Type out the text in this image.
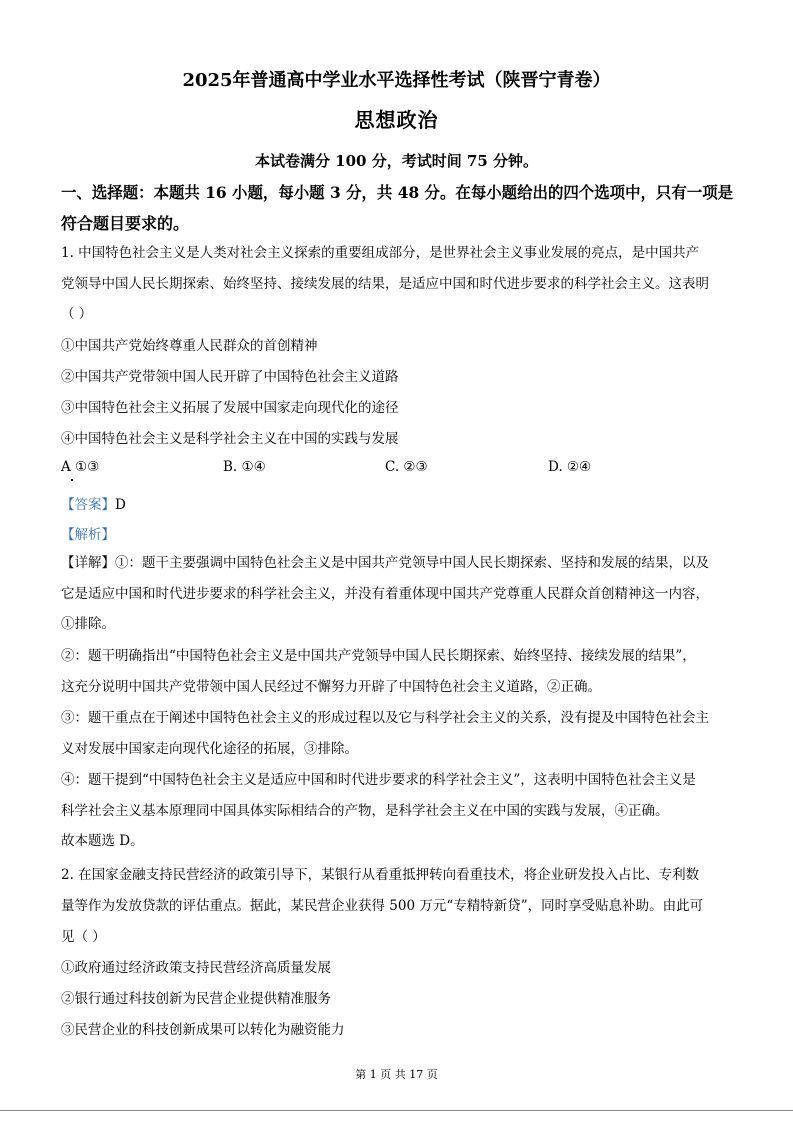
2025年普通高中学业水平选择性考试（陕晋宁青卷）
思想政治
本试卷满分 100 分，考试时间 75 分钟。
一、选择题：本题共 16 小题，每小题 3 分，共 48 分。在每小题给出的四个选项中，只有一项是
符合题目要求的。
1. 中国特色社会主义是人类对社会主义探索的重要组成部分，是世界社会主义事业发展的亮点，是中国共产
党领导中国人民长期探索、始终坚持、接续发展的结果，是适应中国和时代进步要求的科学社会主义。这表明
（ ）
①中国共产党始终尊重人民群众的首创精神
②中国共产党带领中国人民开辟了中国特色社会主义道路
③中国特色社会主义拓展了发展中国家走向现代化的途径
④中国特色社会主义是科学社会主义在中国的实践与发展
A ①③	B. ①④	C. ②③	D. ②④
【答案】D
【解析】
【详解】①：题干主要强调中国特色社会主义是中国共产党领导中国人民长期探索、坚持和发展的结果，以及
它是适应中国和时代进步要求的科学社会主义，并没有着重体现中国共产党尊重人民群众首创精神这一内容，
①排除。
②：题干明确指出“中国特色社会主义是中国共产党领导中国人民长期探索、始终坚持、接续发展的结果”，
这充分说明中国共产党带领中国人民经过不懈努力开辟了中国特色社会主义道路，②正确。
③：题干重点在于阐述中国特色社会主义的形成过程以及它与科学社会主义的关系，没有提及中国特色社会主
义对发展中国家走向现代化途径的拓展，③排除。
④：题干提到“中国特色社会主义是适应中国和时代进步要求的科学社会主义”，这表明中国特色社会主义是
科学社会主义基本原理同中国具体实际相结合的产物，是科学社会主义在中国的实践与发展，④正确。
故本题选 D。
2. 在国家金融支持民营经济的政策引导下，某银行从看重抵押转向看重技术，将企业研发投入占比、专利数
量等作为发放贷款的评估重点。据此，某民营企业获得 500 万元“专精特新贷”，同时享受贴息补助。由此可
见（ ）
①政府通过经济政策支持民营经济高质量发展
②银行通过科技创新为民营企业提供精准服务
③民营企业的科技创新成果可以转化为融资能力
第 1 页 共 17 页
